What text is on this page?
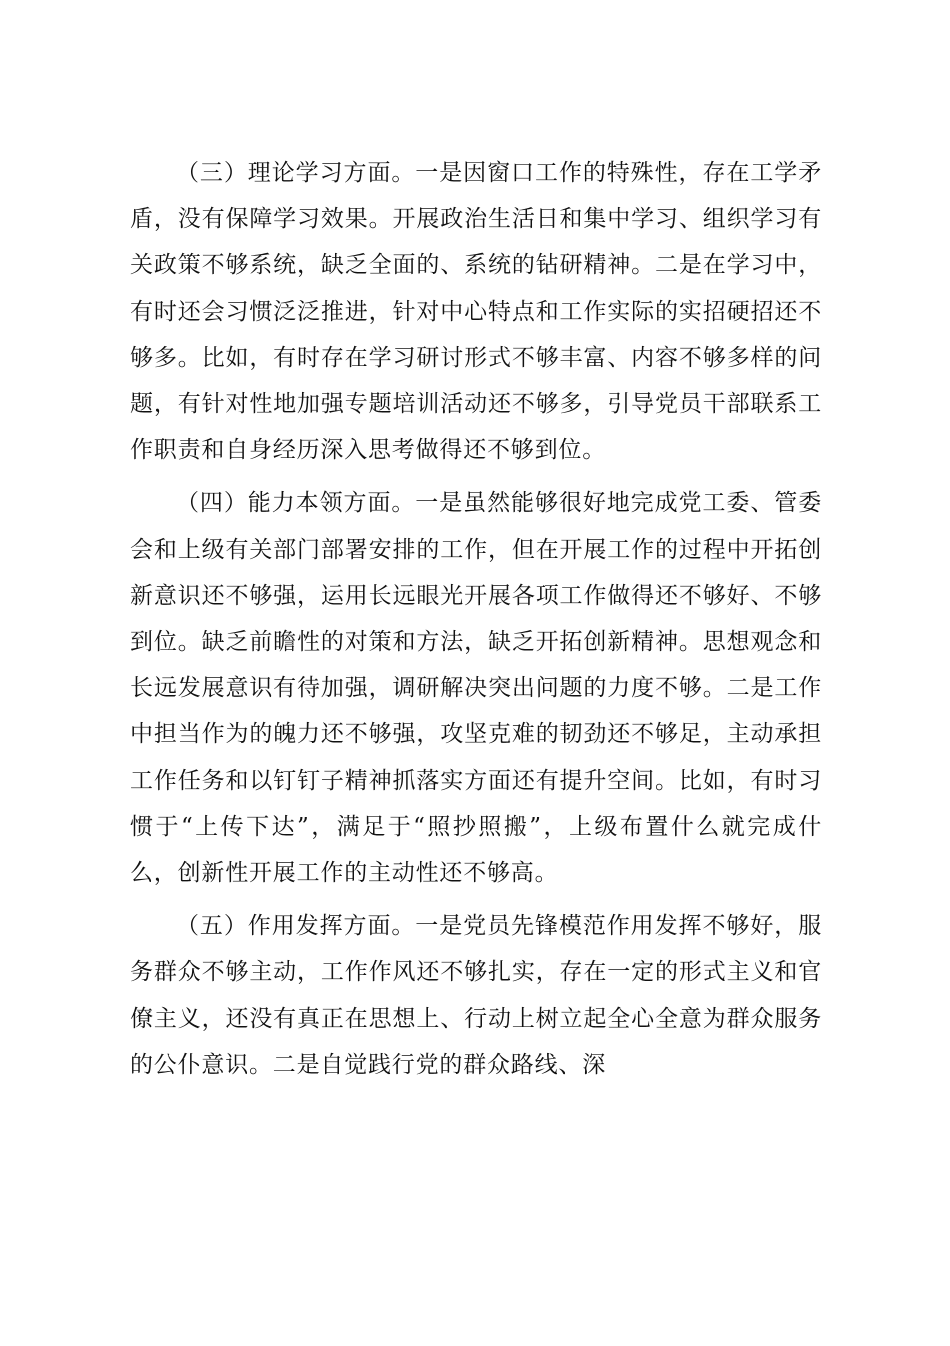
（三）理论学习方面。一是因窗口工作的特殊性，存在工学矛盾，没有保障学习效果。开展政治生活日和集中学习、组织学习有关政策不够系统，缺乏全面的、系统的钻研精神。二是在学习中，有时还会习惯泛泛推进，针对中心特点和工作实际的实招硬招还不够多。比如，有时存在学习研讨形式不够丰富、内容不够多样的问题，有针对性地加强专题培训活动还不够多，引导党员干部联系工作职责和自身经历深入思考做得还不够到位。

（四）能力本领方面。一是虽然能够很好地完成党工委、管委会和上级有关部门部署安排的工作，但在开展工作的过程中开拓创新意识还不够强，运用长远眼光开展各项工作做得还不够好、不够到位。缺乏前瞻性的对策和方法，缺乏开拓创新精神。思想观念和长远发展意识有待加强，调研解决突出问题的力度不够。二是工作中担当作为的魄力还不够强，攻坚克难的韧劲还不够足，主动承担工作任务和以钉钉子精神抓落实方面还有提升空间。比如，有时习惯于“上传下达”，满足于“照抄照搬”，上级布置什么就完成什么，创新性开展工作的主动性还不够高。

（五）作用发挥方面。一是党员先锋模范作用发挥不够好，服务群众不够主动，工作作风还不够扎实，存在一定的形式主义和官僚主义，还没有真正在思想上、行动上树立起全心全意为群众服务的公仆意识。二是自觉践行党的群众路线、深
